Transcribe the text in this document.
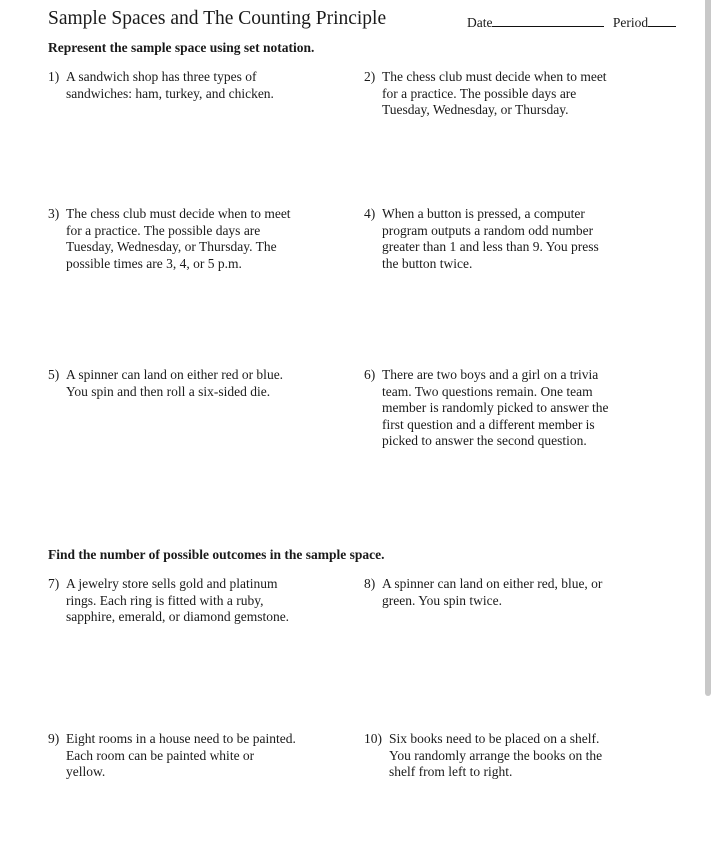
Sample Spaces and The Counting Principle	Date	Period
Represent the sample space using set notation.
Find the number of possible outcomes in the sample space.
1) A sandwich shop has three types of
sandwiches: ham, turkey, and chicken.
2) The chess club must decide when to meet
for a practice. The possible days are
Tuesday, Wednesday, or Thursday.
3) The chess club must decide when to meet
for a practice. The possible days are
Tuesday, Wednesday, or Thursday. The
possible times are 3, 4, or 5 p.m.
4) When a button is pressed, a computer
program outputs a random odd number
greater than 1 and less than 9. You press
the button twice.
5) A spinner can land on either red or blue.
You spin and then roll a six-sided die.
6) There are two boys and a girl on a trivia
team. Two questions remain. One team
member is randomly picked to answer the
first question and a different member is
picked to answer the second question.
7) A jewelry store sells gold and platinum
rings. Each ring is fitted with a ruby,
sapphire, emerald, or diamond gemstone.
8) A spinner can land on either red, blue, or
green. You spin twice.
9) Eight rooms in a house need to be painted.
Each room can be painted white or
yellow.
10) Six books need to be placed on a shelf.
You randomly arrange the books on the
shelf from left to right.
